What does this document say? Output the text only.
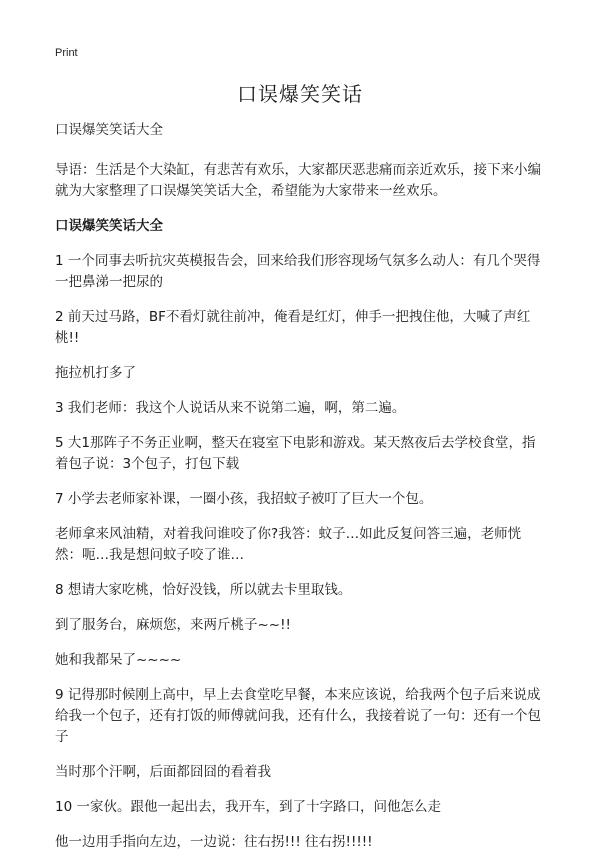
Print
口误爆笑笑话

口误爆笑笑话大全

导语：生活是个大染缸，有悲苦有欢乐，大家都厌恶悲痛而亲近欢乐，接下来小编就为大家整理了口误爆笑笑话大全，希望能为大家带来一丝欢乐。

口误爆笑笑话大全

1 一个同事去听抗灾英模报告会，回来给我们形容现场气氛多么动人：有几个哭得一把鼻涕一把尿的

2 前天过马路，BF不看灯就往前冲，俺看是红灯，伸手一把拽住他，大喊了声红桃!!

拖拉机打多了

3 我们老师：我这个人说话从来不说第二遍，啊，第二遍。

5 大1那阵子不务正业啊，整天在寝室下电影和游戏。某天熬夜后去学校食堂，指着包子说：3个包子，打包下载

7 小学去老师家补课，一圈小孩，我招蚊子被叮了巨大一个包。

老师拿来风油精，对着我问谁咬了你?我答：蚊子…如此反复问答三遍，老师恍然：呃…我是想问蚊子咬了谁…

8 想请大家吃桃，恰好没钱，所以就去卡里取钱。

到了服务台，麻烦您，来两斤桃子~~!!

她和我都呆了~~~~

9 记得那时候刚上高中，早上去食堂吃早餐，本来应该说，给我两个包子后来说成给我一个包子，还有打饭的师傅就问我，还有什么，我接着说了一句：还有一个包子

当时那个汗啊，后面都囧囧的看着我

10 一家伙。跟他一起出去，我开车，到了十字路口，问他怎么走

他一边用手指向左边，一边说：往右拐!!! 往右拐!!!!!
